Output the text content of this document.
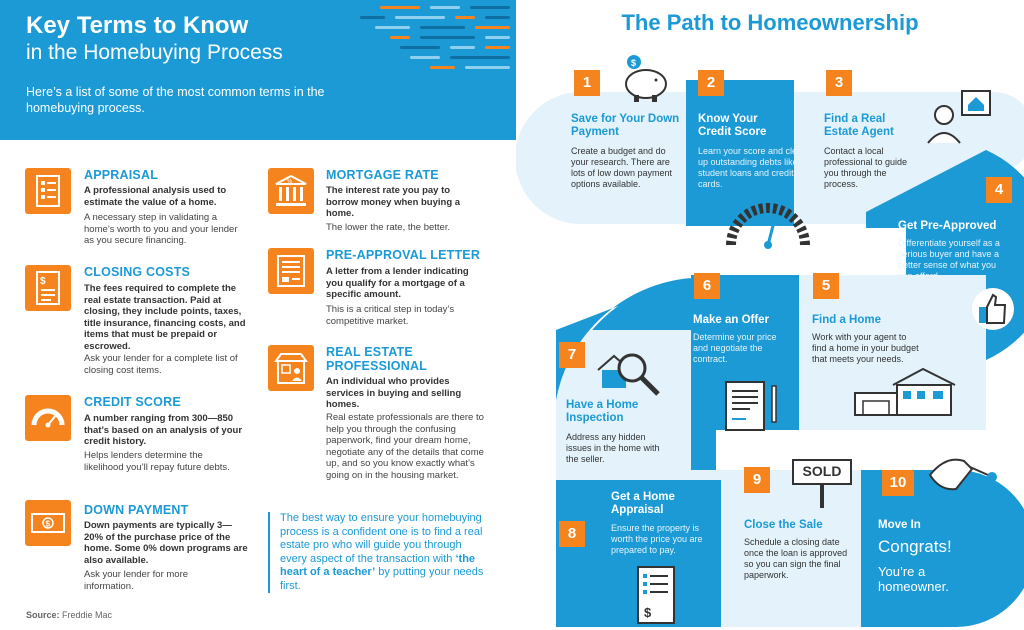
Key Terms to Know
in the Homebuying Process
Here’s a list of some of the most common terms in the homebuying process.
APPRAISAL
A professional analysis used to estimate the value of a home.
A necessary step in validating a home’s worth to you and your lender as you secure financing.
$
CLOSING COSTS
The fees required to complete the real estate transaction. Paid at closing, they include points, taxes, title insurance, financing costs, and items that must be prepaid or escrowed.
Ask your lender for a complete list of closing cost items.
CREDIT SCORE
A number ranging from 300—850 that’s based on an analysis of your credit history.
Helps lenders determine the likelihood you’ll repay future debts.
$
DOWN PAYMENT
Down payments are typically 3—20% of the purchase price of the home. Some 0% down programs are also available.
Ask your lender for more information.
%	MORTGAGE RATE
The interest rate you pay to borrow money when buying a home.
The lower the rate, the better.
PRE-APPROVAL LETTER
A letter from a lender indicating you qualify for a mortgage of a specific amount.
This is a critical step in today’s competitive market.
REAL ESTATE PROFESSIONAL
An individual who provides services in buying and selling homes.
Real estate professionals are there to help you through the confusing paperwork, find your dream home, negotiate any of the details that come up, and so you know exactly what’s going on in the housing market.
The best way to ensure your homebuying process is a confident one is to find a real estate pro who will guide you through every aspect of the transaction with ‘the heart of a teacher’ by putting your needs first.
Source: Freddie Mac
The Path to Homeownership
1
$
Save for Your Down Payment
Create a budget and do your research. There are lots of low down payment options available.
2
Know Your Credit Score
Learn your score and clean up outstanding debts like student loans and credit cards.
3
Find a Real Estate Agent
Contact a local professional to guide you through the process.	4
Get Pre-Approved
Differentiate yourself as a serious buyer and have a better sense of what you can afford.
5
Find a Home
Work with your agent to find a home in your budget that meets your needs.
6
Make an Offer
Determine your price and negotiate the contract.
7
Have a Home Inspection
Address any hidden issues in the home with the seller.
8
Get a Home Appraisal
Ensure the property is worth the price you are prepared to pay.
$
9	SOLD
Close the Sale
Schedule a closing date once the loan is approved so you can sign the final paperwork.
10
Move In
Congrats!
You’re a homeowner.
